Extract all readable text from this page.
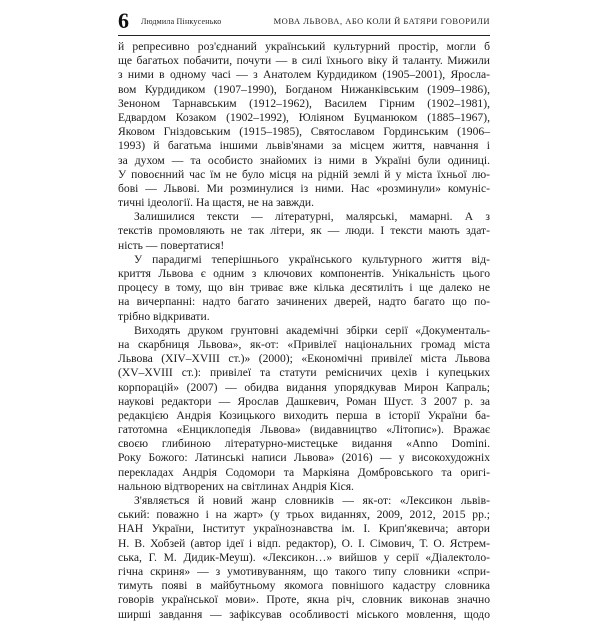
6 Людмила Пінкусенько	МОВА ЛЬВОВА, АБО КОЛИ Й БАТЯРИ ГОВОРИЛИ
й репресивно роз'єднаний український культурний простір, могли б
ще багатьох побачити, почути — в силі їхнього віку й таланту. Мижили
з ними в одному часі — з Анатолем Курдидиком (1905–2001), Яросла-
вом Курдидиком (1907–1990), Богданом Нижанківським (1909–1986),
Зеноном Тарнавським (1912–1962), Василем Гірним (1902–1981),
Едвардом Козаком (1902–1992), Юліяном Буцманюком (1885–1967),
Яковом Гніздовським (1915–1985), Святославом Гординським (1906–
1993) й багатьма іншими львів'янами за місцем життя, навчання і
за духом — та особисто знайомих із ними в Україні були одиниці.
У повоєнний час їм не було місця на рідній землі й у міста їхньої лю-
бові — Львові. Ми розминулися із ними. Нас «розминули» комуніс-
тичні ідеології. На щастя, не на завжди.
Залишилися тексти — літературні, малярські, мамарні. А з
текстів промовляють не так літери, як — люди. І тексти мають здат-
ність — повертатися!
У парадигмі теперішнього українського культурного життя від-
криття Львова є одним з ключових компонентів. Унікальність цього
процесу в тому, що він триває вже кілька десятиліть і ще далеко не
на вичерпанні: надто багато зачинених дверей, надто багато що по-
трібно відкривати.
Виходять друком грунтовні академічні збірки серії «Документаль-
на скарбниця Львова», як-от: «Привілеї національних громад міста
Львова (XIV–XVIII ст.)» (2000); «Економічні привілеї міста Львова
(XV–XVIII ст.): привілеї та статути ремісничих цехів і купецьких
корпорацій» (2007) — обидва видання упорядкував Мирон Капраль;
наукові редактори — Ярослав Дашкевич, Роман Шуст. З 2007 р. за
редакцією Андрія Козицького виходить перша в історії України ба-
гатотомна «Енциклопедія Львова» (видавництво «Літопис»). Вражає
своєю глибиною літературно-мистецьке видання «Anno Domini.
Року Божого: Латинські написи Львова» (2016) — у високохудожніх
перекладах Андрія Содомори та Маркіяна Домбровського та оригі-
нальною відтворених на світлинах Андрія Кіся.
З'являється й новий жанр словників — як-от: «Лексикон львів-
ський: поважно і на жарт» (у трьох виданнях, 2009, 2012, 2015 рр.;
НАН України, Інститут українознавства ім. І. Крип'якевича; автори
Н. В. Хобзей (автор ідеї і відп. редактор), О. І. Сімович, Т. О. Ястрем-
ська, Г. М. Дидик-Меуш). «Лексикон…» вийшов у серії «Діалектоло-
гічна скриня» — з умотивуванням, що такого типу словники «спри-
тимуть появі в майбутньому якомога повнішого кадастру словника
говорів української мови». Проте, якна річ, словник виконав значно
ширші завдання — зафіксував особливості міського мовлення, щодо
